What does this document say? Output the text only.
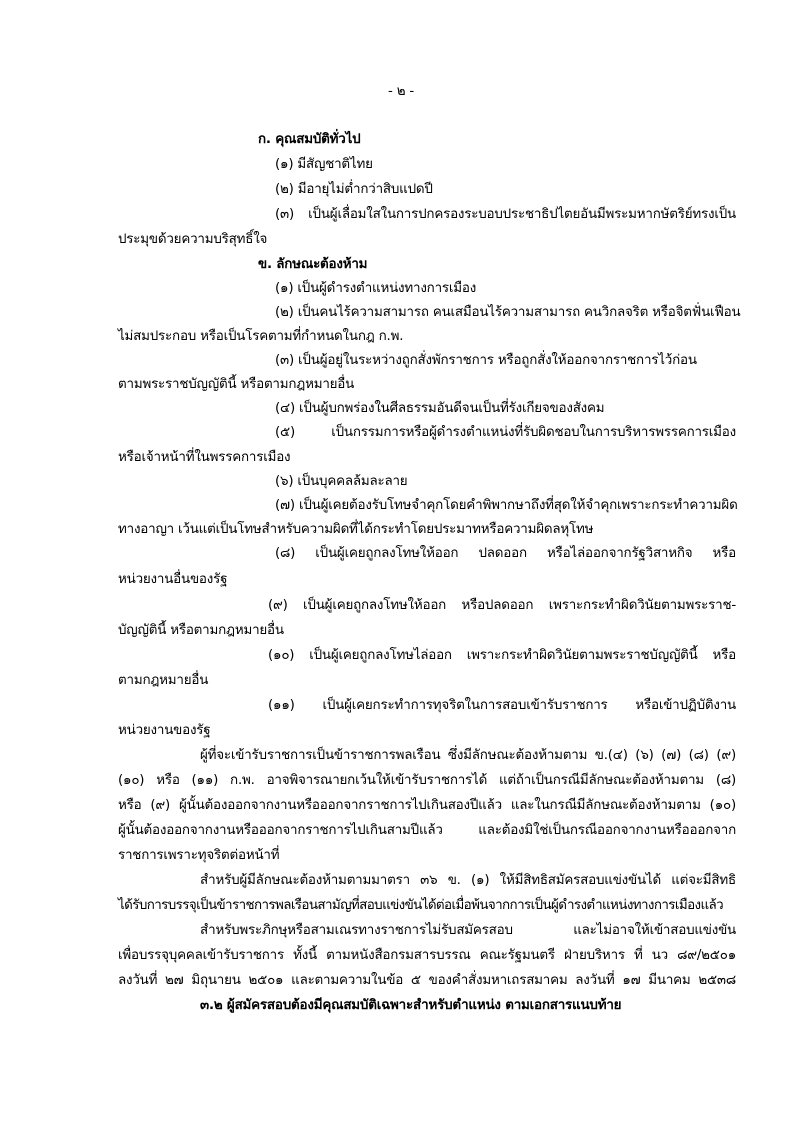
- ๒ -
ก. คุณสมบัติทั่วไป
(๑) มีสัญชาติไทย
(๒) มีอายุไม่ต่ำกว่าสิบแปดปี
(๓) เป็นผู้เลื่อมใสในการปกครองระบอบประชาธิปไตยอันมีพระมหากษัตริย์ทรงเป็น
ประมุขด้วยความบริสุทธิ์ใจ
ข. ลักษณะต้องห้าม
(๑) เป็นผู้ดำรงตำแหน่งทางการเมือง
(๒) เป็นคนไร้ความสามารถ คนเสมือนไร้ความสามารถ คนวิกลจริต หรือจิตฟั่นเฟือน
ไม่สมประกอบ หรือเป็นโรคตามที่กำหนดในกฎ ก.พ.
(๓) เป็นผู้อยู่ในระหว่างถูกสั่งพักราชการ หรือถูกสั่งให้ออกจากราชการไว้ก่อน
ตามพระราชบัญญัตินี้ หรือตามกฎหมายอื่น
(๔) เป็นผู้บกพร่องในศีลธรรมอันดีจนเป็นที่รังเกียจของสังคม
(๕) เป็นกรรมการหรือผู้ดำรงตำแหน่งที่รับผิดชอบในการบริหารพรรคการเมือง
หรือเจ้าหน้าที่ในพรรคการเมือง
(๖) เป็นบุคคลล้มละลาย
(๗) เป็นผู้เคยต้องรับโทษจำคุกโดยคำพิพากษาถึงที่สุดให้จำคุกเพราะกระทำความผิด
ทางอาญา เว้นแต่เป็นโทษสำหรับความผิดที่ได้กระทำโดยประมาทหรือความผิดลหุโทษ
(๘) เป็นผู้เคยถูกลงโทษให้ออก ปลดออก หรือไล่ออกจากรัฐวิสาหกิจ หรือ
หน่วยงานอื่นของรัฐ
(๙) เป็นผู้เคยถูกลงโทษให้ออก หรือปลดออก เพราะกระทำผิดวินัยตามพระราช-
บัญญัตินี้ หรือตามกฎหมายอื่น
(๑๐) เป็นผู้เคยถูกลงโทษไล่ออก เพราะกระทำผิดวินัยตามพระราชบัญญัตินี้ หรือ
ตามกฎหมายอื่น
(๑๑) เป็นผู้เคยกระทำการทุจริตในการสอบเข้ารับราชการ หรือเข้าปฏิบัติงาน
หน่วยงานของรัฐ
ผู้ที่จะเข้ารับราชการเป็นข้าราชการพลเรือน ซึ่งมีลักษณะต้องห้ามตาม ข.(๔) (๖) (๗) (๘) (๙)
(๑๐) หรือ (๑๑) ก.พ. อาจพิจารณายกเว้นให้เข้ารับราชการได้ แต่ถ้าเป็นกรณีมีลักษณะต้องห้ามตาม (๘)
หรือ (๙) ผู้นั้นต้องออกจากงานหรือออกจากราชการไปเกินสองปีแล้ว และในกรณีมีลักษณะต้องห้ามตาม (๑๐)
ผู้นั้นต้องออกจากงานหรือออกจากราชการไปเกินสามปีแล้ว และต้องมิใช่เป็นกรณีออกจากงานหรือออกจาก
ราชการเพราะทุจริตต่อหน้าที่
สำหรับผู้มีลักษณะต้องห้ามตามมาตรา ๓๖ ข. (๑) ให้มีสิทธิสมัครสอบแข่งขันได้ แต่จะมีสิทธิ
ได้รับการบรรจุเป็นข้าราชการพลเรือนสามัญที่สอบแข่งขันได้ต่อเมื่อพ้นจากการเป็นผู้ดำรงตำแหน่งทางการเมืองแล้ว
สำหรับพระภิกษุหรือสามเณรทางราชการไม่รับสมัครสอบ และไม่อาจให้เข้าสอบแข่งขัน
เพื่อบรรจุบุคคลเข้ารับราชการ ทั้งนี้ ตามหนังสือกรมสารบรรณ คณะรัฐมนตรี ฝ่ายบริหาร ที่ นว ๘๙/๒๕๐๑
ลงวันที่ ๒๗ มิถุนายน ๒๕๐๑ และตามความในข้อ ๕ ของคำสั่งมหาเถรสมาคม ลงวันที่ ๑๗ มีนาคม ๒๕๓๘
๓.๒ ผู้สมัครสอบต้องมีคุณสมบัติเฉพาะสำหรับตำแหน่ง ตามเอกสารแนบท้าย
